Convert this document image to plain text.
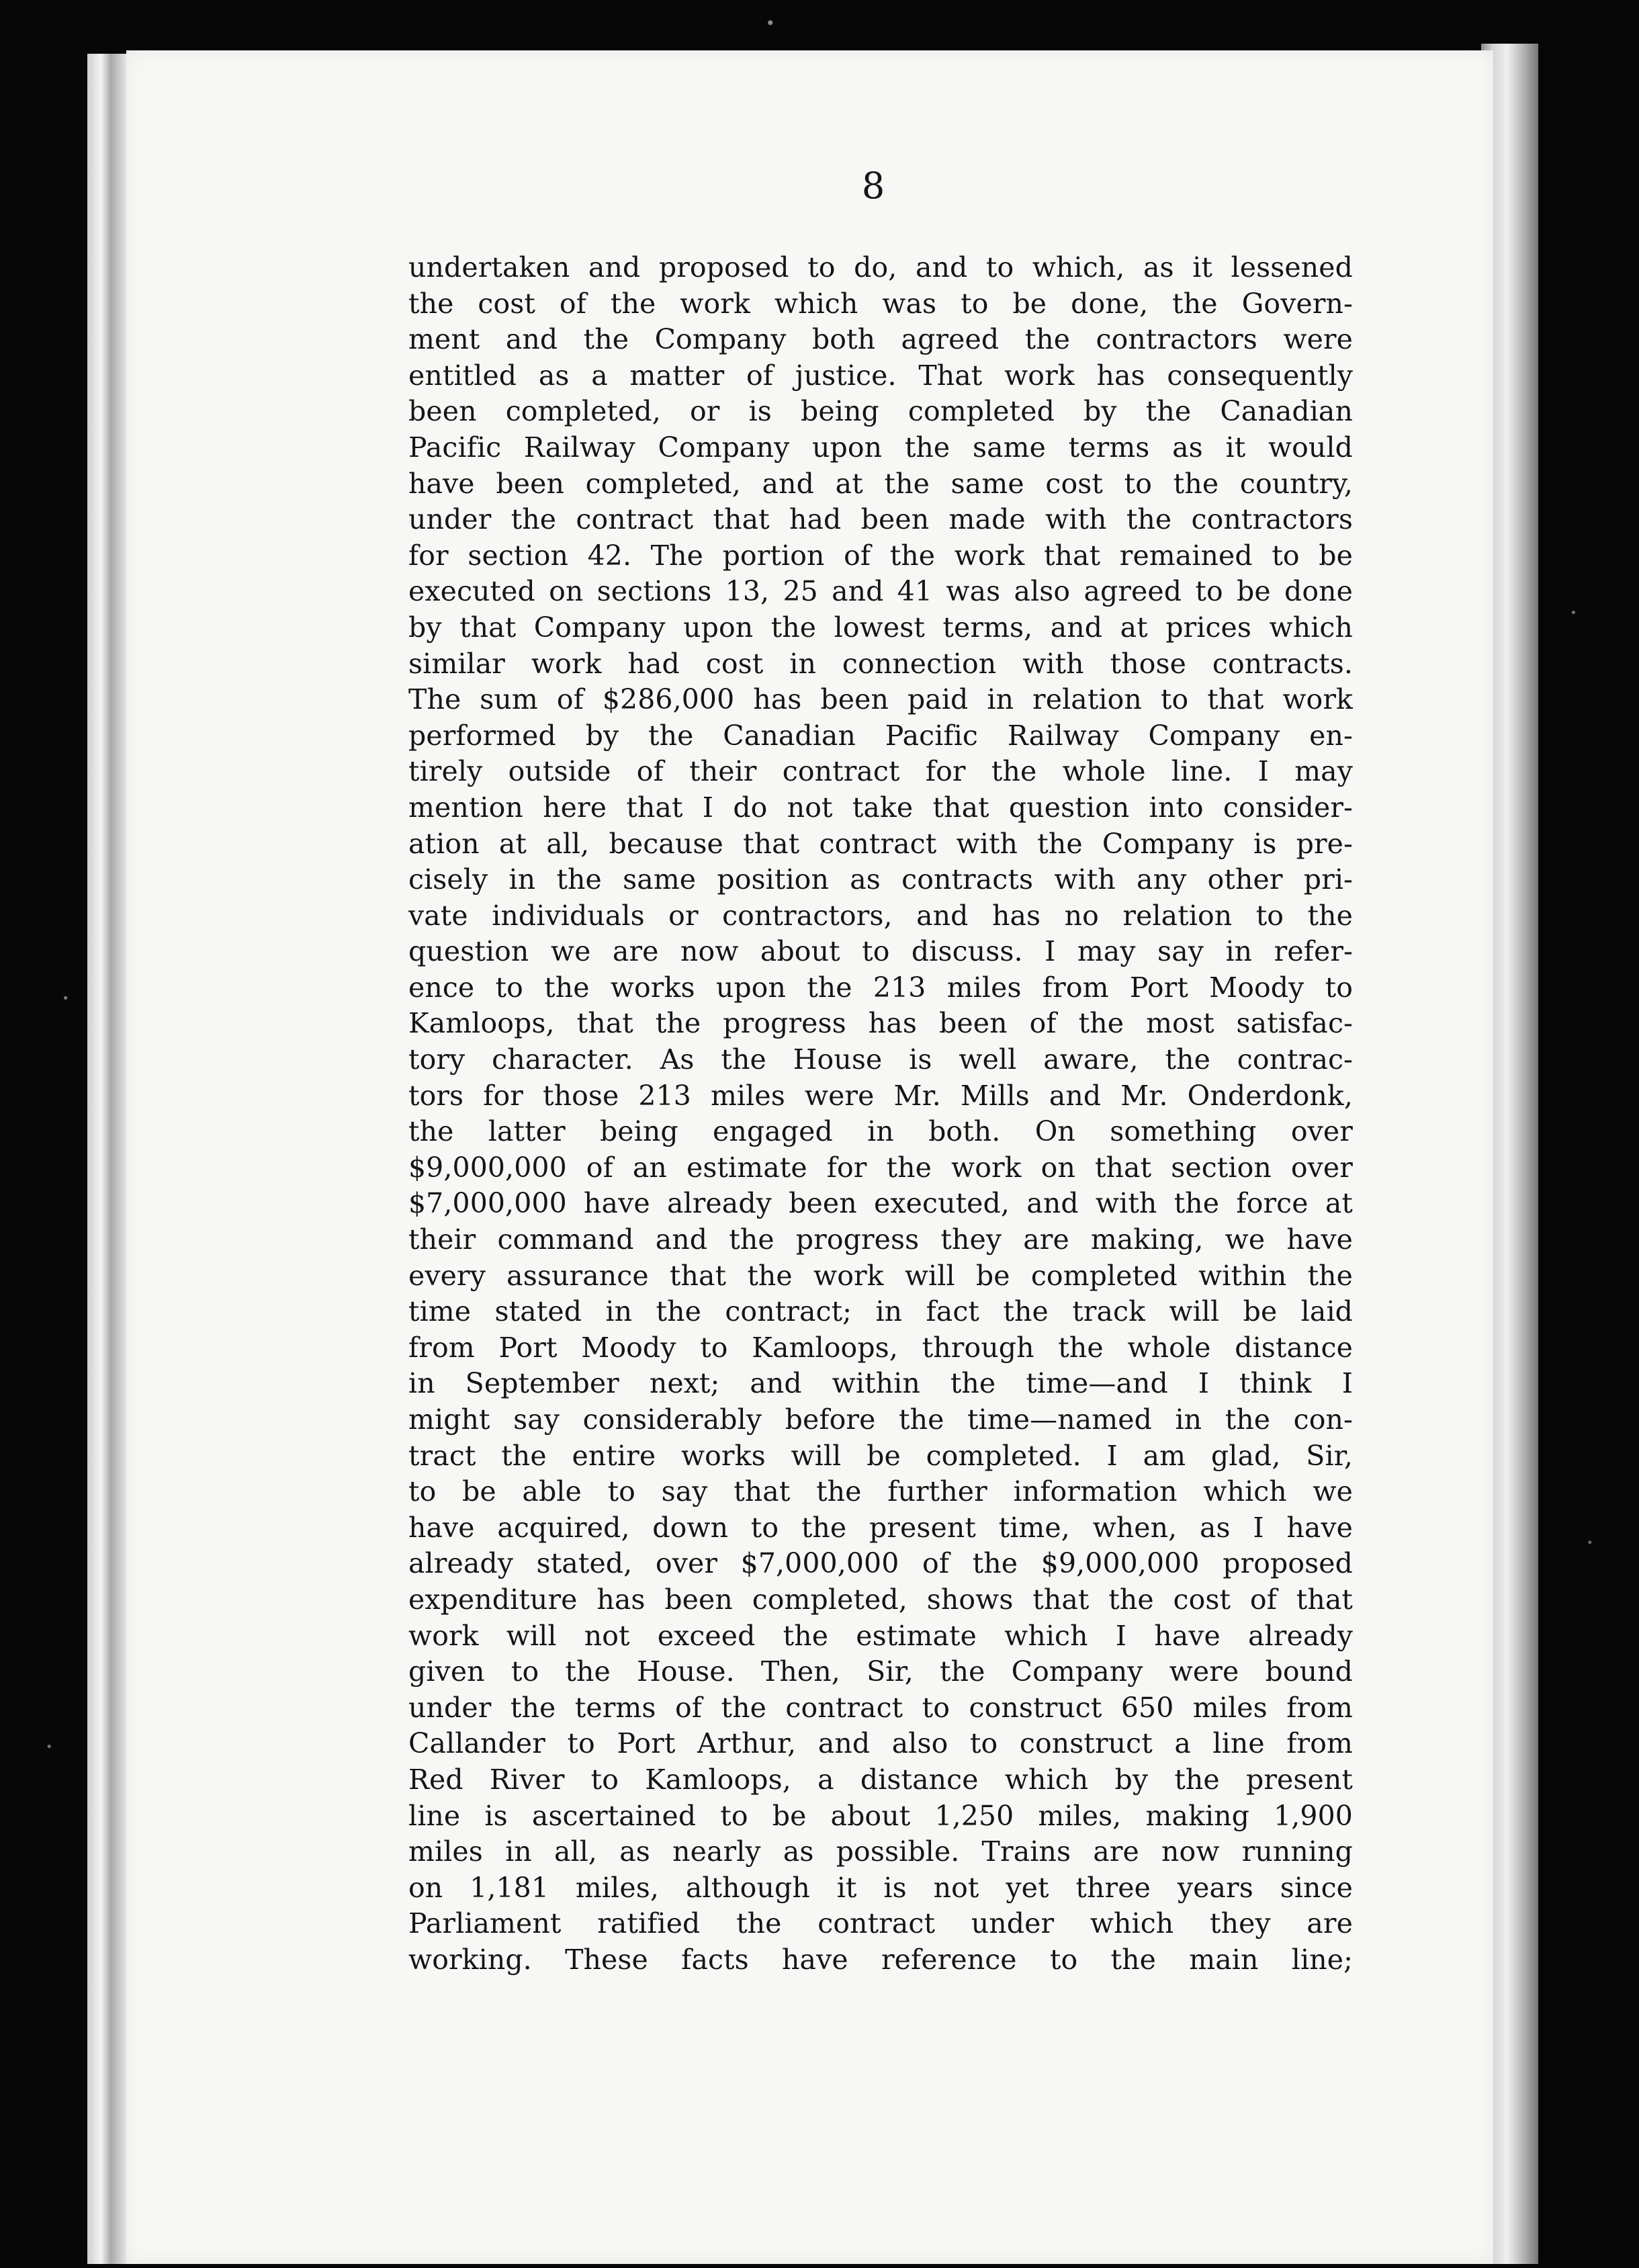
8

undertaken and proposed to do, and to which, as it lessened
the cost of the work which was to be done, the Govern-
ment and the Company both agreed the contractors were
entitled as a matter of justice. That work has consequently
been completed, or is being completed by the Canadian
Pacific Railway Company upon the same terms as it would
have been completed, and at the same cost to the country,
under the contract that had been made with the contractors
for section 42. The portion of the work that remained to be
executed on sections 13, 25 and 41 was also agreed to be done
by that Company upon the lowest terms, and at prices which
similar work had cost in connection with those contracts.
The sum of $286,000 has been paid in relation to that work
performed by the Canadian Pacific Railway Company en-
tirely outside of their contract for the whole line. I may
mention here that I do not take that question into consider-
ation at all, because that contract with the Company is pre-
cisely in the same position as contracts with any other pri-
vate individuals or contractors, and has no relation to the
question we are now about to discuss. I may say in refer-
ence to the works upon the 213 miles from Port Moody to
Kamloops, that the progress has been of the most satisfac-
tory character. As the House is well aware, the contrac-
tors for those 213 miles were Mr. Mills and Mr. Onderdonk,
the latter being engaged in both. On something over
$9,000,000 of an estimate for the work on that section over
$7,000,000 have already been executed, and with the force at
their command and the progress they are making, we have
every assurance that the work will be completed within the
time stated in the contract; in fact the track will be laid
from Port Moody to Kamloops, through the whole distance
in September next; and within the time—and I think I
might say considerably before the time—named in the con-
tract the entire works will be completed. I am glad, Sir,
to be able to say that the further information which we
have acquired, down to the present time, when, as I have
already stated, over $7,000,000 of the $9,000,000 proposed
expenditure has been completed, shows that the cost of that
work will not exceed the estimate which I have already
given to the House. Then, Sir, the Company were bound
under the terms of the contract to construct 650 miles from
Callander to Port Arthur, and also to construct a line from
Red River to Kamloops, a distance which by the present
line is ascertained to be about 1,250 miles, making 1,900
miles in all, as nearly as possible. Trains are now running
on 1,181 miles, although it is not yet three years since
Parliament ratified the contract under which they are
working. These facts have reference to the main line;
